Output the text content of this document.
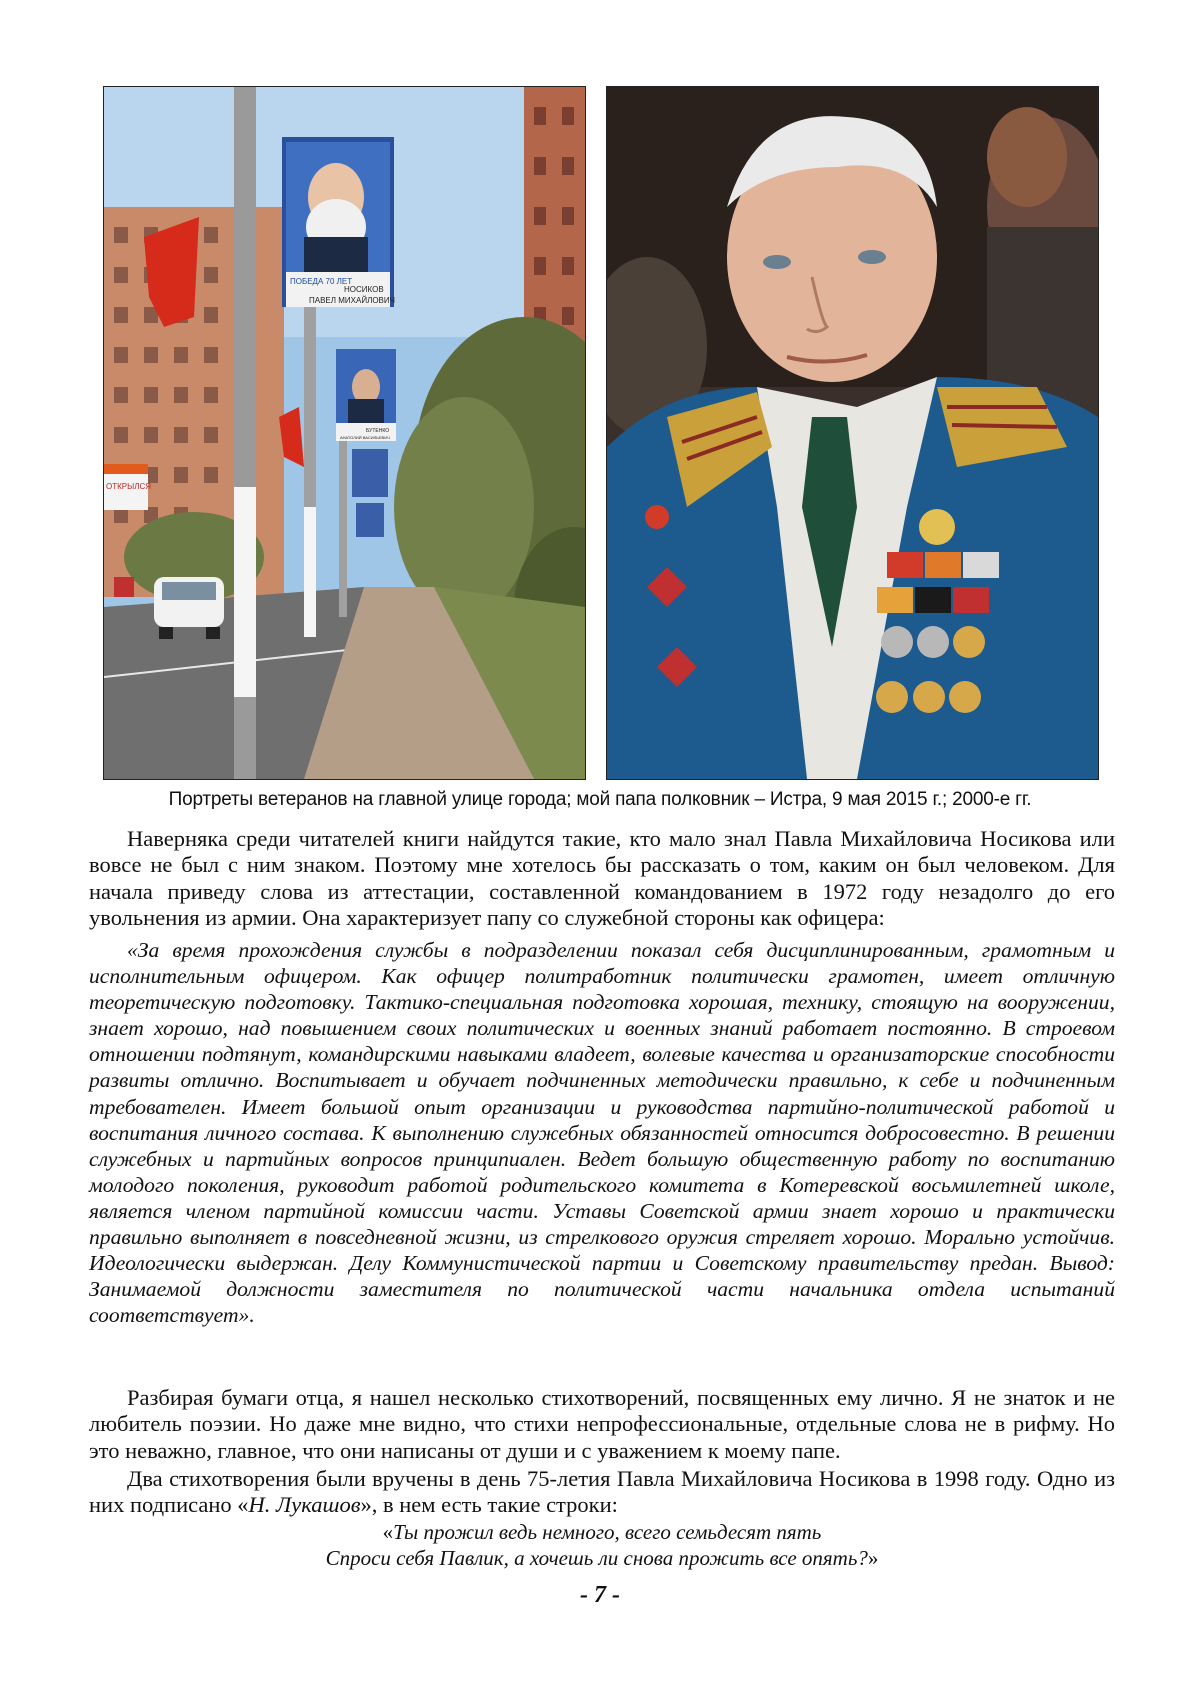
ПОБЕДА 70 ЛЕТ
НОСИКОВ
ПАВЕЛ МИХАЙЛОВИЧ
БУТЕНКО
АНАТОЛИЙ ВАСИЛЬЕВИЧ
ОТКРЫЛСЯ
Портреты ветеранов на главной улице города; мой папа полковник – Истра, 9 мая 2015 г.; 2000-е гг.
Наверняка среди читателей книги найдутся такие, кто мало знал Павла Михайловича Носикова или вовсе не был с ним знаком. Поэтому мне хотелось бы рассказать о том, каким он был человеком. Для начала приведу слова из аттестации, составленной командованием в 1972 году незадолго до его увольнения из армии. Она характеризует папу со служебной стороны как офицера:
«За время прохождения службы в подразделении показал себя дисциплинированным, грамотным и исполнительным офицером. Как офицер политработник политически грамотен, имеет отличную теоретическую подготовку. Тактико-специальная подготовка хорошая, технику, стоящую на вооружении, знает хорошо, над повышением своих политических и военных знаний работает постоянно. В строевом отношении подтянут, командирскими навыками владеет, волевые качества и организаторские способности развиты отлично. Воспитывает и обучает подчиненных методически правильно, к себе и подчиненным требователен. Имеет большой опыт организации и руководства партийно-политической работой и воспитания личного состава. К выполнению служебных обязанностей относится добросовестно. В решении служебных и партийных вопросов принципиален. Ведет большую общественную работу по воспитанию молодого поколения, руководит работой родительского комитета в Котеревской восьмилетней школе, является членом партийной комиссии части. Уставы Советской армии знает хорошо и практически правильно выполняет в повседневной жизни, из стрелкового оружия стреляет хорошо. Морально устойчив. Идеологически выдержан. Делу Коммунистической партии и Советскому правительству предан. Вывод: Занимаемой должности заместителя по политической части начальника отдела испытаний соответствует».
Разбирая бумаги отца, я нашел несколько стихотворений, посвященных ему лично. Я не знаток и не любитель поэзии. Но даже мне видно, что стихи непрофессиональные, отдельные слова не в рифму. Но это неважно, главное, что они написаны от души и с уважением к моему папе.
Два стихотворения были вручены в день 75-летия Павла Михайловича Носикова в 1998 году. Одно из них подписано «Н. Лукашов», в нем есть такие строки:
«Ты прожил ведь немного, всего семьдесят пять
Спроси себя Павлик, а хочешь ли снова прожить все опять?»
- 7 -
